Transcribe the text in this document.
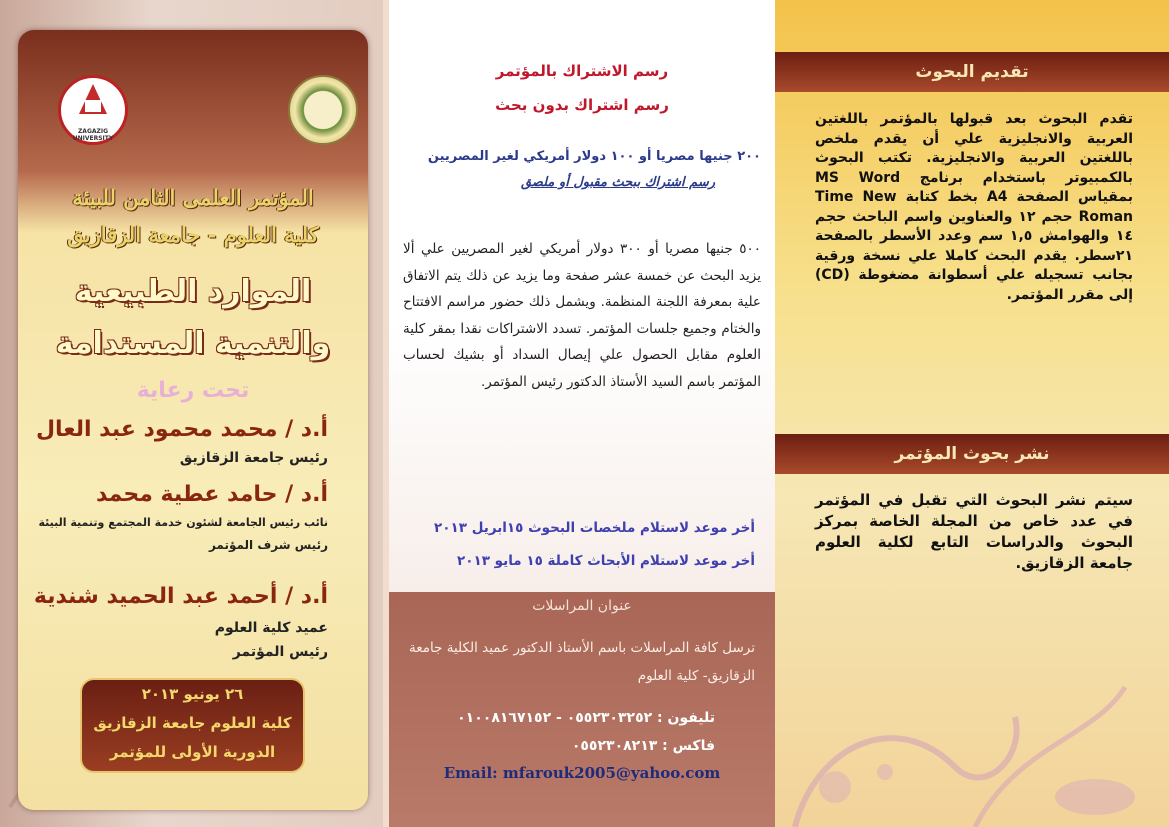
ZAGAZIG UNIVERSITY
المؤتمر العلمى الثامن للبيئة
كلية العلوم - جامعة الزقازيق
الموارد الطبيعية والتنمية المستدامة
تحت رعاية
أ.د / محمد محمود عبد العال
رئيس جامعة الزقازيق
أ.د / حامد عطية محمد
نائب رئيس الجامعة لشئون خدمة المجتمع وتنمية البيئة
رئيس شرف المؤتمر
أ.د / أحمد عبد الحميد شندية
عميد كلية العلوم
رئيس المؤتمر
٢٦ يونيو ٢٠١٣
كلية العلوم جامعة الزقازيق
الدورية الأولى للمؤتمر
رسم الاشتراك بالمؤتمر
رسم اشتراك بدون بحث
٢٠٠ جنيها مصريا أو ١٠٠ دولار أمريكي لغير المصريين
رسم اشتراك ببحث مقبول أو ملصق
٥٠٠ جنيها مصريا أو ٣٠٠ دولار أمريكي لغير المصريين علي ألا يزيد البحث عن خمسة عشر صفحة وما يزيد عن ذلك يتم الاتفاق علية بمعرفة اللجنة المنظمة. ويشمل ذلك حضور مراسم الافتتاح والختام وجميع جلسات المؤتمر. تسدد الاشتراكات نقدا بمقر كلية العلوم مقابل الحصول علي إيصال السداد أو بشيك لحساب المؤتمر باسم السيد الأستاذ الدكتور رئيس المؤتمر.
أخر موعد لاستلام ملخصات البحوث ١٥ابريل ٢٠١٣
أخر موعد لاستلام الأبحاث كاملة ١٥ مايو ٢٠١٣
عنوان المراسلات
ترسل كافة المراسلات باسم الأستاذ الدكتور عميد الكلية جامعة الزقازيق- كلية العلوم
تليفون : ٠٥٥٢٣٠٣٢٥٢ - ٠١٠٠٨١٦٧١٥٢
فاكس : ٠٥٥٢٣٠٨٢١٣
Email: mfarouk2005@yahoo.com
تقديم البحوث
تقدم البحوث بعد قبولها بالمؤتمر باللغتين العربية والانجليزية علي أن يقدم ملخص باللغتين العربية والانجليزية. تكتب البحوث بالكمبيوتر باستخدام برنامج MS Word بمقياس الصفحة A4 بخط كتابة Time New Roman حجم ١٢ والعناوين واسم الباحث حجم ١٤ والهوامش ١,٥ سم وعدد الأسطر بالصفحة ٢١سطر. يقدم البحث كاملا علي نسخة ورقية بجانب تسجيله علي أسطوانة مضغوطة (CD) إلى مقرر المؤتمر.
نشر بحوث المؤتمر
سيتم نشر البحوث التي تقبل في المؤتمر في عدد خاص من المجلة الخاصة بمركز البحوث والدراسات التابع لكلية العلوم جامعة الزقازيق.
